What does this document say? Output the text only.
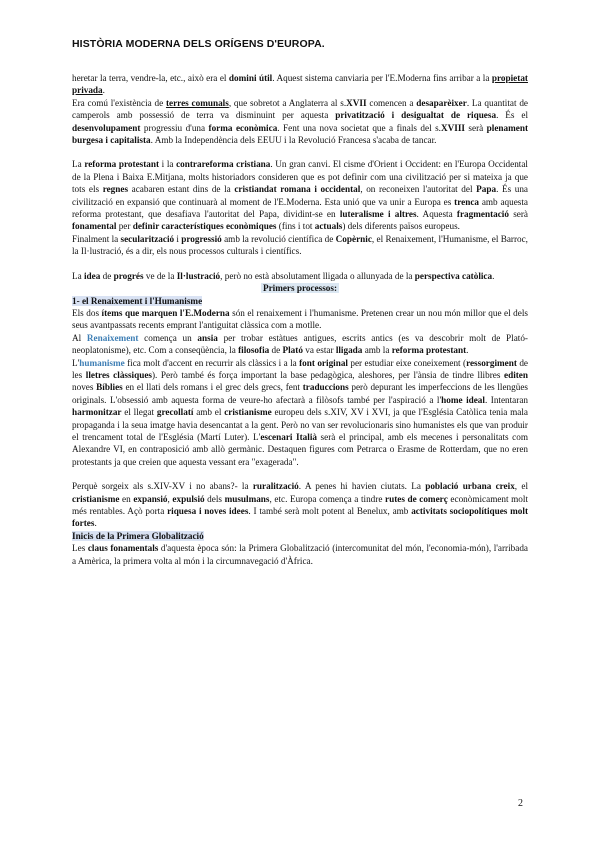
HISTÒRIA MODERNA DELS ORÍGENS D'EUROPA.

heretar la terra, vendre-la, etc., això era el domini útil. Aquest sistema canviaria per l'E.Moderna fins arribar a la propietat privada.

Era comú l'existència de terres comunals, que sobretot a Anglaterra al s.XVII comencen a desaparèixer. La quantitat de camperols amb possessió de terra va disminuint per aquesta privatització i desigualtat de riquesa. És el desenvolupament progressiu d'una forma econòmica. Fent una nova societat que a finals del s.XVIII serà plenament burgesa i capitalista. Amb la Independència dels EEUU i la Revolució Francesa s'acaba de tancar.

La reforma protestant i la contrareforma cristiana. Un gran canvi. El cisme d'Orient i Occident: en l'Europa Occidental de la Plena i Baixa E.Mitjana, molts historiadors consideren que es pot definir com una civilització per si mateixa ja que tots els regnes acabaren estant dins de la cristiandat romana i occidental, on reconeixen l'autoritat del Papa. És una civilització en expansió que continuarà al moment de l'E.Moderna. Esta unió que va unir a Europa es trenca amb aquesta reforma protestant, que desafiava l'autoritat del Papa, dividint-se en luteralisme i altres. Aquesta fragmentació serà fonamental per definir característiques econòmiques (fins i tot actuals) dels diferents països europeus.

Finalment la secularització i progressió amb la revolució científica de Copèrnic, el Renaixement, l'Humanisme, el Barroc, la Il·lustració, és a dir, els nous processos culturals i científics.

La idea de progrés ve de la Il·lustració, però no està absolutament lligada o allunyada de la perspectiva catòlica.

Primers processos:

1- el Renaixement i l'Humanisme

Els dos ítems que marquen l'E.Moderna són el renaixement i l'humanisme. Pretenen crear un nou món millor que el dels seus avantpassats recents emprant l'antiguitat clàssica com a motlle.

Al Renaixement comença un ansia per trobar estàtues antigues, escrits antics (es va descobrir molt de Plató- neoplatonisme), etc. Com a conseqüència, la filosofia de Plató va estar lligada amb la reforma protestant.

L'humanisme fica molt d'accent en recurrir als clàssics i a la font original per estudiar eixe coneixement (ressorgiment de les lletres clàssiques). Però també és força important la base pedagògica, aleshores, per l'ànsia de tindre llibres editen noves Bíblies en el llati dels romans i el grec dels grecs, fent traduccions però depurant les imperfeccions de les llengües originals. L'obsessió amb aquesta forma de veure-ho afectarà a filòsofs també per l'aspiració a l'home ideal. Intentaran harmonitzar el llegat grecollatí amb el cristianisme europeu dels s.XIV, XV i XVI, ja que l'Església Catòlica tenia mala propaganda i la seua imatge havia desencantat a la gent. Però no van ser revolucionaris sino humanistes els que van produir el trencament total de l'Església (Martí Luter). L'escenari Italià serà el principal, amb els mecenes i personalitats com Alexandre VI, en contraposició amb allò germànic. Destaquen figures com Petrarca o Erasme de Rotterdam, que no eren protestants ja que creien que aquesta vessant era "exagerada".

Perquè sorgeix als s.XIV-XV i no abans?- la ruralització. A penes hi havien ciutats. La població urbana creix, el cristianisme en expansió, expulsió dels musulmans, etc. Europa comença a tindre rutes de comerç econòmicament molt més rentables. Açò porta riquesa i noves idees. I també serà molt potent al Benelux, amb activitats sociopolítiques molt fortes.

Inicis de la Primera Globalització

Les claus fonamentals d'aquesta època són: la Primera Globalització (intercomunitat del món, l'economia-món), l'arribada a Amèrica, la primera volta al món i la circumnavegació d'Àfrica.

2
